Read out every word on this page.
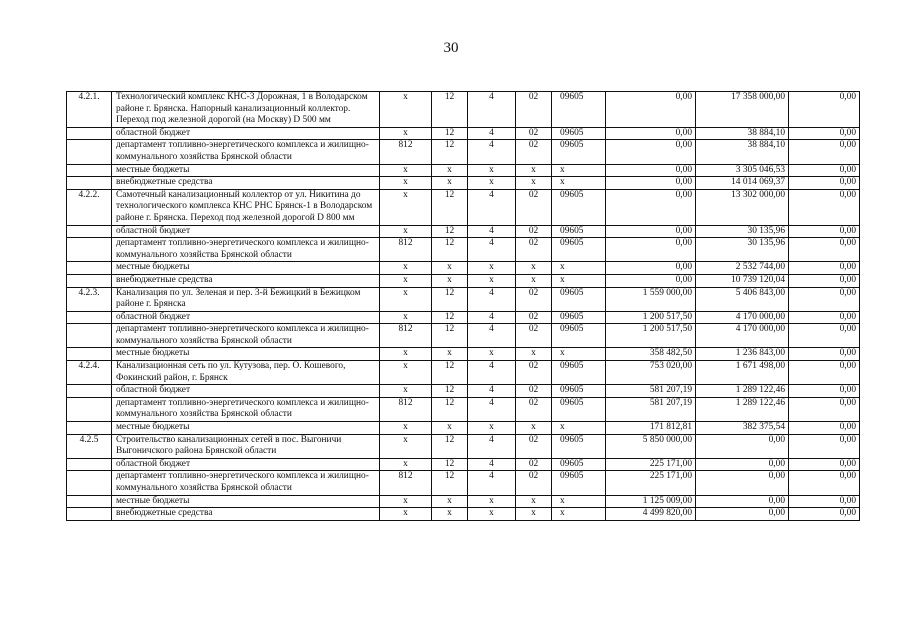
30
4.2.1.	Технологический комплекс КНС-3 Дорожная, 1 в Володарском районе г. Брянска. Напорный канализационный коллектор. Переход под железной дорогой (на Москву) D 500 мм	х	12	4	02	09605	0,00	17 358 000,00	0,00
	областной бюджет	х	12	4	02	09605	0,00	38 884,10	0,00
	департамент топливно-энергетического комплекса и жилищно-коммунального хозяйства Брянской области	812	12	4	02	09605	0,00	38 884,10	0,00
	местные бюджеты	х	х	х	х	х	0,00	3 305 046,53	0,00
	внебюджетные средства	х	х	х	х	х	0,00	14 014 069,37	0,00
4.2.2.	Самотечный канализационный коллектор от ул. Никитина до технологического комплекса КНС РНС Брянск-1 в Володарском районе г. Брянска. Переход под железной дорогой D 800 мм	х	12	4	02	09605	0,00	13 302 000,00	0,00
	областной бюджет	х	12	4	02	09605	0,00	30 135,96	0,00
	департамент топливно-энергетического комплекса и жилищно-коммунального хозяйства Брянской области	812	12	4	02	09605	0,00	30 135,96	0,00
	местные бюджеты	х	х	х	х	х	0,00	2 532 744,00	0,00
	внебюджетные средства	х	х	х	х	х	0,00	10 739 120,04	0,00
4.2.3.	Канализация по ул. Зеленая и пер. 3-й Бежицкий в Бежицком районе г. Брянска	х	12	4	02	09605	1 559 000,00	5 406 843,00	0,00
	областной бюджет	х	12	4	02	09605	1 200 517,50	4 170 000,00	0,00
	департамент топливно-энергетического комплекса и жилищно-коммунального хозяйства Брянской области	812	12	4	02	09605	1 200 517,50	4 170 000,00	0,00
	местные бюджеты	х	х	х	х	х	358 482,50	1 236 843,00	0,00
4.2.4.	Канализационная сеть по ул. Кутузова, пер. О. Кошевого, Фокинский район, г. Брянск	х	12	4	02	09605	753 020,00	1 671 498,00	0,00
	областной бюджет	х	12	4	02	09605	581 207,19	1 289 122,46	0,00
	департамент топливно-энергетического комплекса и жилищно-коммунального хозяйства Брянской области	812	12	4	02	09605	581 207,19	1 289 122,46	0,00
	местные бюджеты	х	х	х	х	х	171 812,81	382 375,54	0,00
4.2.5	Строительство канализационных сетей в пос. Выгоничи Выгоничского района Брянской области	х	12	4	02	09605	5 850 000,00	0,00	0,00
	областной бюджет	х	12	4	02	09605	225 171,00	0,00	0,00
	департамент топливно-энергетического комплекса и жилищно-коммунального хозяйства Брянской области	812	12	4	02	09605	225 171,00	0,00	0,00
	местные бюджеты	х	х	х	х	х	1 125 009,00	0,00	0,00
	внебюджетные средства	х	х	х	х	х	4 499 820,00	0,00	0,00
